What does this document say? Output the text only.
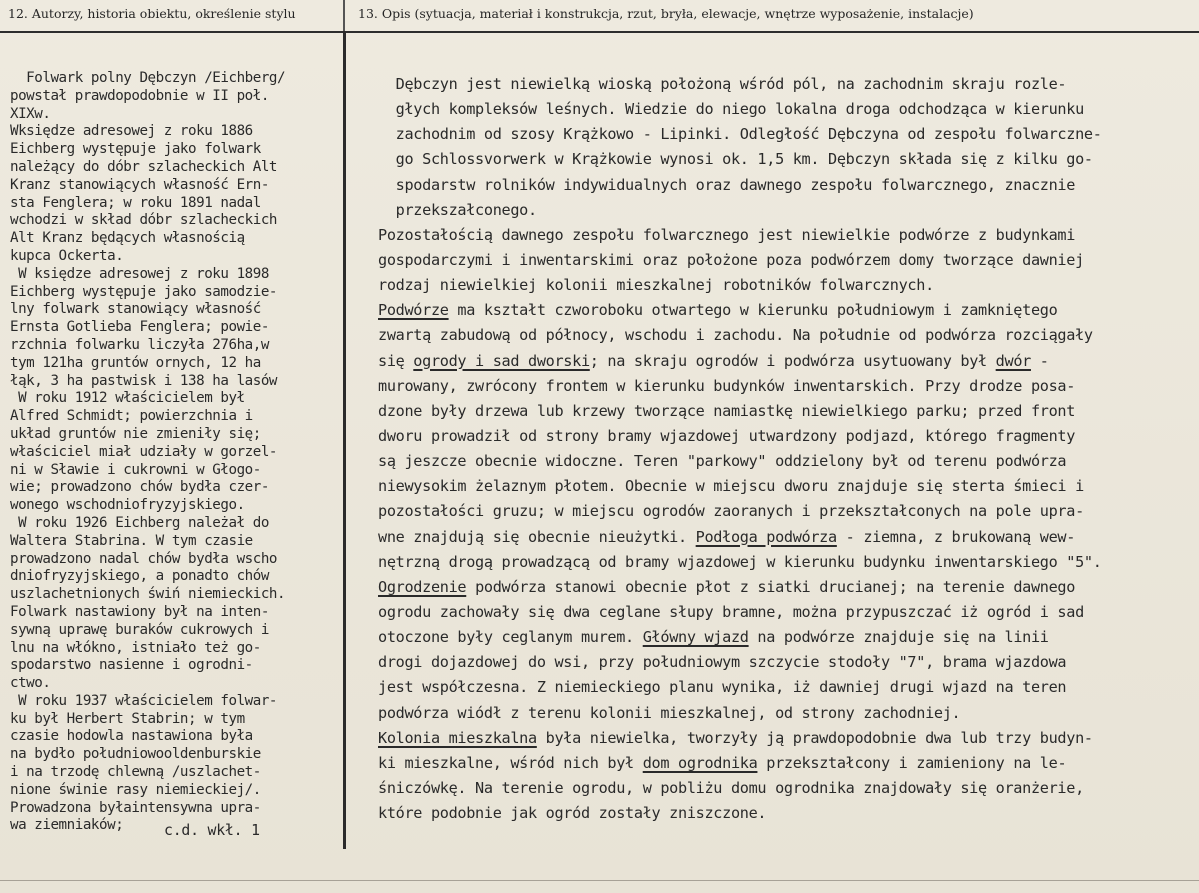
12. Autorzy, historia obiektu, określenie stylu	13. Opis (sytuacja, materiał i konstrukcja, rzut, bryła, elewacje, wnętrze wyposażenie, instalacje)
Folwark polny Dębczyn /Eichberg/
powstał prawdopodobnie w II poł.
XIXw.
Wksiędze adresowej z roku 1886
Eichberg występuje jako folwark
należący do dóbr szlacheckich Alt
Kranz stanowiących własność Ern-
sta Fenglera; w roku 1891 nadal
wchodzi w skład dóbr szlacheckich
Alt Kranz będących własnością
kupca Ockerta.
W księdze adresowej z roku 1898
Eichberg występuje jako samodzie-
lny folwark stanowiący własność
Ernsta Gotlieba Fenglera; powie-
rzchnia folwarku liczyła 276ha,w
tym 121ha gruntów ornych, 12 ha
łąk, 3 ha pastwisk i 138 ha lasów
W roku 1912 właścicielem był
Alfred Schmidt; powierzchnia i
układ gruntów nie zmieniły się;
właściciel miał udziały w gorzel-
ni w Sławie i cukrowni w Głogo-
wie; prowadzono chów bydła czer-
wonego wschodniofryzyjskiego.
W roku 1926 Eichberg należał do
Waltera Stabrina. W tym czasie
prowadzono nadal chów bydła wscho
dniofryzyjskiego, a ponadto chów
uszlachetnionych świń niemieckich.
Folwark nastawiony był na inten-
sywną uprawę buraków cukrowych i
lnu na włókno, istniało też go-
spodarstwo nasienne i ogrodni-
ctwo.
W roku 1937 właścicielem folwar-
ku był Herbert Stabrin; w tym
czasie hodowla nastawiona była
na bydło południowooldenburskie
i na trzodę chlewną /uszlachet-
nione świnie rasy niemieckiej/.
Prowadzona byłaintensywna upra-
wa ziemniaków;	c.d. wkł. 1
Dębczyn jest niewielką wioską położoną wśród pól, na zachodnim skraju rozle-
głych kompleksów leśnych. Wiedzie do niego lokalna droga odchodząca w kierunku
zachodnim od szosy Krążkowo - Lipinki. Odległość Dębczyna od zespołu folwarczne-
go Schlossvorwerk w Krążkowie wynosi ok. 1,5 km. Dębczyn składa się z kilku go-
spodarstw rolników indywidualnych oraz dawnego zespołu folwarcznego, znacznie
przekszałconego.
Pozostałością dawnego zespołu folwarcznego jest niewielkie podwórze z budynkami
gospodarczymi i inwentarskimi oraz położone poza podwórzem domy tworzące dawniej
rodzaj niewielkiej kolonii mieszkalnej robotników folwarcznych.
Podwórze ma kształt czworoboku otwartego w kierunku południowym i zamkniętego
zwartą zabudową od północy, wschodu i zachodu. Na południe od podwórza rozciągały
się ogrody i sad dworski; na skraju ogrodów i podwórza usytuowany był dwór -
murowany, zwrócony frontem w kierunku budynków inwentarskich. Przy drodze posa-
dzone były drzewa lub krzewy tworzące namiastkę niewielkiego parku; przed front
dworu prowadził od strony bramy wjazdowej utwardzony podjazd, którego fragmenty
są jeszcze obecnie widoczne. Teren "parkowy" oddzielony był od terenu podwórza
niewysokim żelaznym płotem. Obecnie w miejscu dworu znajduje się sterta śmieci i
pozostałości gruzu; w miejscu ogrodów zaoranych i przekształconych na pole upra-
wne znajdują się obecnie nieużytki. Podłoga podwórza - ziemna, z brukowaną wew-
nętrzną drogą prowadzącą od bramy wjazdowej w kierunku budynku inwentarskiego "5".
Ogrodzenie podwórza stanowi obecnie płot z siatki drucianej; na terenie dawnego
ogrodu zachowały się dwa ceglane słupy bramne, można przypuszczać iż ogród i sad
otoczone były ceglanym murem. Główny wjazd na podwórze znajduje się na linii
drogi dojazdowej do wsi, przy południowym szczycie stodoły "7", brama wjazdowa
jest współczesna. Z niemieckiego planu wynika, iż dawniej drugi wjazd na teren
podwórza wiódł z terenu kolonii mieszkalnej, od strony zachodniej.
Kolonia mieszkalna była niewielka, tworzyły ją prawdopodobnie dwa lub trzy budyn-
ki mieszkalne, wśród nich był dom ogrodnika przekształcony i zamieniony na le-
śniczówkę. Na terenie ogrodu, w pobliżu domu ogrodnika znajdowały się oranżerie,
które podobnie jak ogród zostały zniszczone.
